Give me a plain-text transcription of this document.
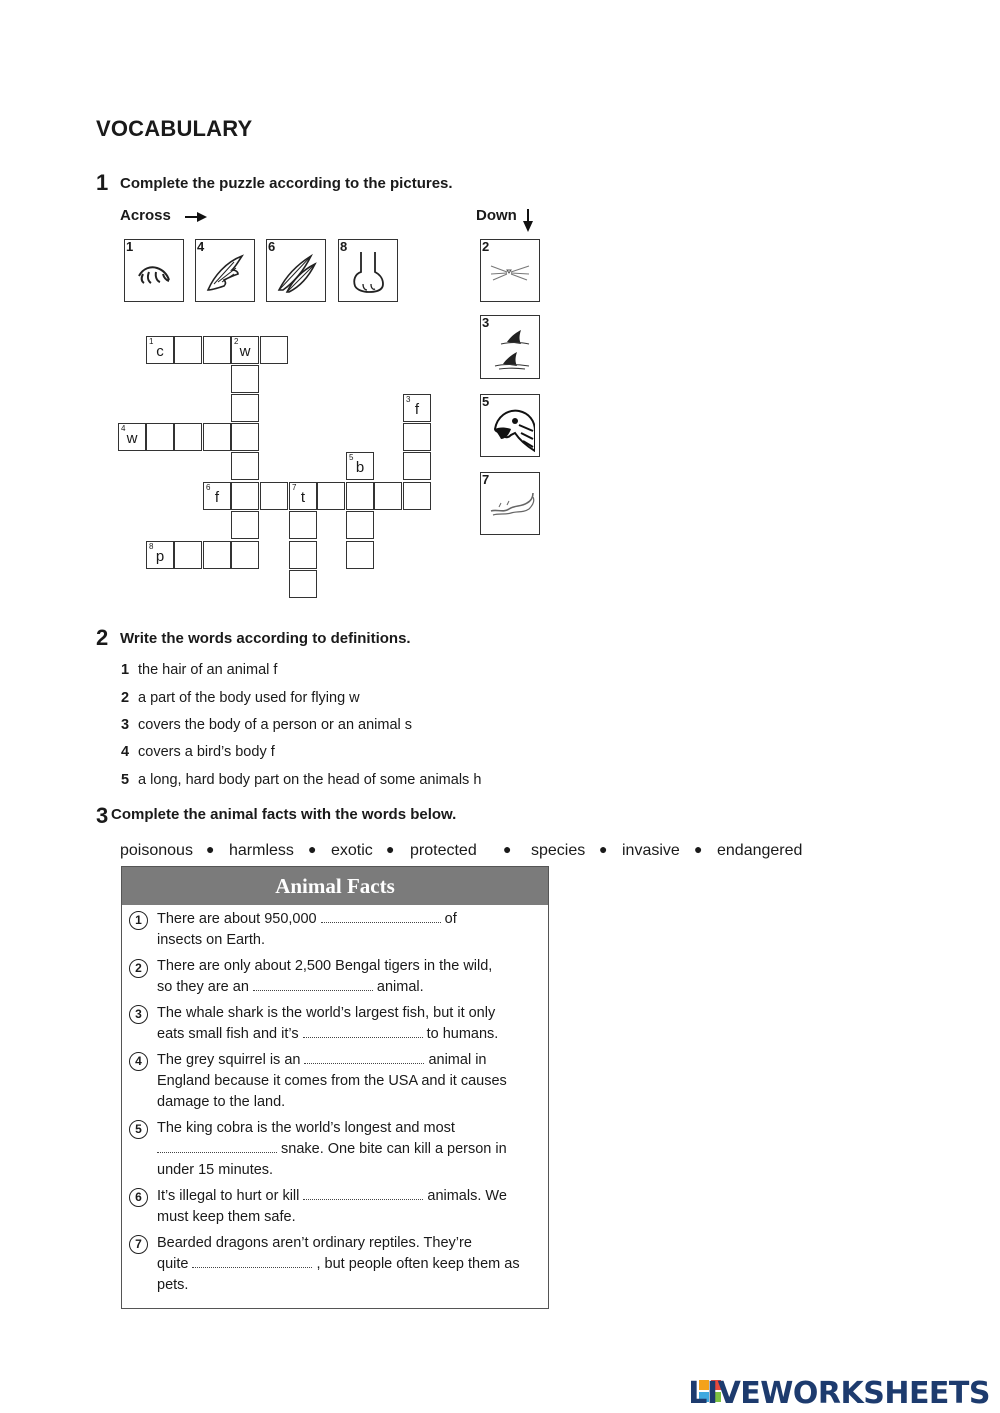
VOCABULARY
1 Complete the puzzle according to the pictures.
Across	Down
1	4	6	8	2
3
5
7
1
c
2
w
3
f
4
w
5
b
6
f
7
t
8
p
2 Write the words according to definitions.
1 the hair of an animal f
2 a part of the body used for flying w
3 covers the body of a person or an animal s
4 covers a bird’s body f
5 a long, hard body part on the head of some animals h
3 Complete the animal facts with the words below.
poisonous ● harmless ● exotic ● protected ● species ● invasive ● endangered
Animal Facts
1	There are about 950,000	of
insects on Earth.
2	There are only about 2,500 Bengal tigers in the wild,
so they are an	animal.
3	The whale shark is the world’s largest fish, but it only
eats small fish and it’s	to humans.
4	The grey squirrel is an	animal in
England because it comes from the USA and it causes
damage to the land.
5	The king cobra is the world’s longest and most
snake. One bite can kill a person in
under 15 minutes.
6	It’s illegal to hurt or kill	animals. We
must keep them safe.
7	Bearded dragons aren’t ordinary reptiles. They’re
quite	, but people often keep them as
pets.
LIVEWORKSHEETS
